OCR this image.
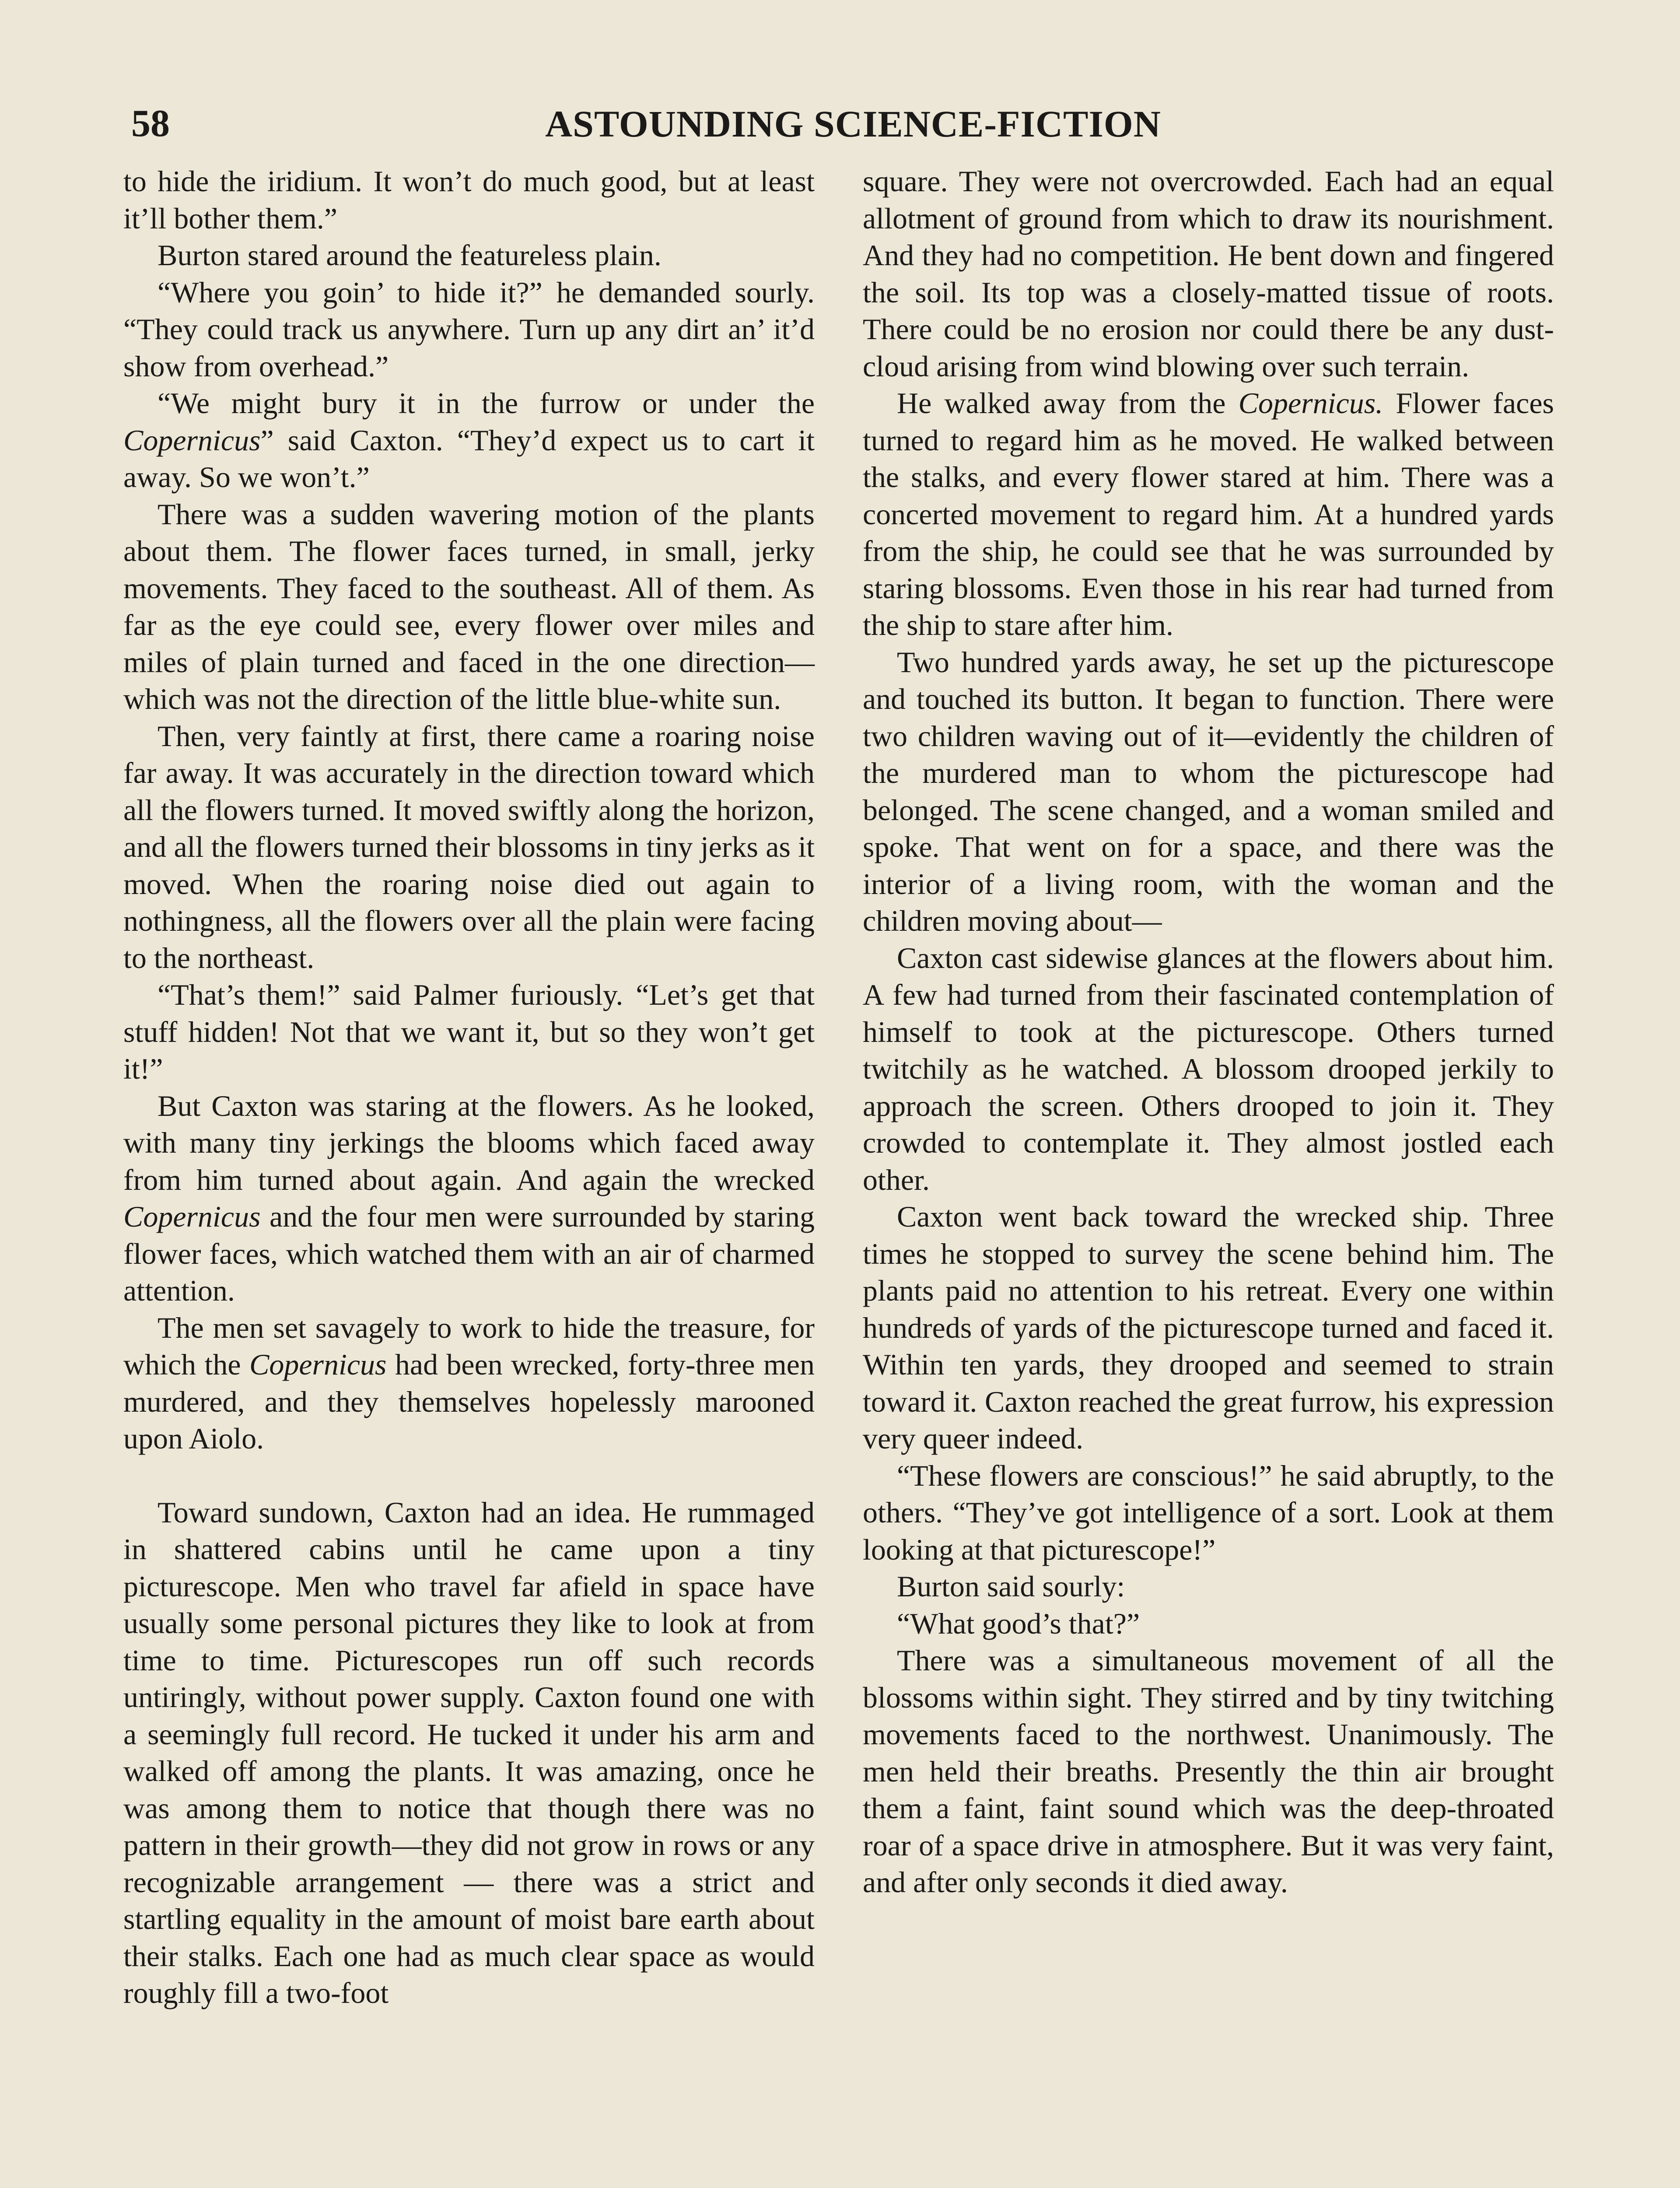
58	ASTOUNDING SCIENCE-FICTION

to hide the iridium. It won’t do much good, but at least it’ll bother them.”

Burton stared around the featureless plain.

“Where you goin’ to hide it?” he demanded sourly. “They could track us anywhere. Turn up any dirt an’ it’d show from overhead.”

“We might bury it in the furrow or under the Copernicus” said Caxton. “They’d expect us to cart it away. So we won’t.”

There was a sudden wavering motion of the plants about them. The flower faces turned, in small, jerky movements. They faced to the southeast. All of them. As far as the eye could see, every flower over miles and miles of plain turned and faced in the one direction—which was not the direction of the little blue-white sun.

Then, very faintly at first, there came a roaring noise far away. It was accurately in the direction toward which all the flowers turned. It moved swiftly along the horizon, and all the flowers turned their blossoms in tiny jerks as it moved. When the roaring noise died out again to nothingness, all the flowers over all the plain were facing to the northeast.

“That’s them!” said Palmer furiously. “Let’s get that stuff hidden! Not that we want it, but so they won’t get it!”

But Caxton was staring at the flowers. As he looked, with many tiny jerkings the blooms which faced away from him turned about again. And again the wrecked Copernicus and the four men were surrounded by staring flower faces, which watched them with an air of charmed attention.

The men set savagely to work to hide the treasure, for which the Copernicus had been wrecked, forty-three men murdered, and they themselves hopelessly marooned upon Aiolo.

Toward sundown, Caxton had an idea. He rummaged in shattered cabins until he came upon a tiny picturescope. Men who travel far afield in space have usually some personal pictures they like to look at from time to time. Picturescopes run off such records untiringly, without power supply. Caxton found one with a seemingly full record. He tucked it under his arm and walked off among the plants. It was amazing, once he was among them to notice that though there was no pattern in their growth—they did not grow in rows or any recognizable arrangement — there was a strict and startling equality in the amount of moist bare earth about their stalks. Each one had as much clear space as would roughly fill a two-foot

square. They were not overcrowded. Each had an equal allotment of ground from which to draw its nourishment. And they had no competition. He bent down and fingered the soil. Its top was a closely-matted tissue of roots. There could be no erosion nor could there be any dust-cloud arising from wind blowing over such terrain.

He walked away from the Copernicus. Flower faces turned to regard him as he moved. He walked between the stalks, and every flower stared at him. There was a concerted movement to regard him. At a hundred yards from the ship, he could see that he was surrounded by staring blossoms. Even those in his rear had turned from the ship to stare after him.

Two hundred yards away, he set up the picturescope and touched its button. It began to function. There were two children waving out of it—evidently the children of the murdered man to whom the picturescope had belonged. The scene changed, and a woman smiled and spoke. That went on for a space, and there was the interior of a living room, with the woman and the children moving about—

Caxton cast sidewise glances at the flowers about him. A few had turned from their fascinated contemplation of himself to took at the picturescope. Others turned twitchily as he watched. A blossom drooped jerkily to approach the screen. Others drooped to join it. They crowded to contemplate it. They almost jostled each other.

Caxton went back toward the wrecked ship. Three times he stopped to survey the scene behind him. The plants paid no attention to his retreat. Every one within hundreds of yards of the picturescope turned and faced it. Within ten yards, they drooped and seemed to strain toward it. Caxton reached the great furrow, his expression very queer indeed.

“These flowers are conscious!” he said abruptly, to the others. “They’ve got intelligence of a sort. Look at them looking at that picturescope!”

Burton said sourly:

“What good’s that?”

There was a simultaneous movement of all the blossoms within sight. They stirred and by tiny twitching movements faced to the northwest. Unanimously. The men held their breaths. Presently the thin air brought them a faint, faint sound which was the deep-throated roar of a space drive in atmosphere. But it was very faint, and after only seconds it died away.
